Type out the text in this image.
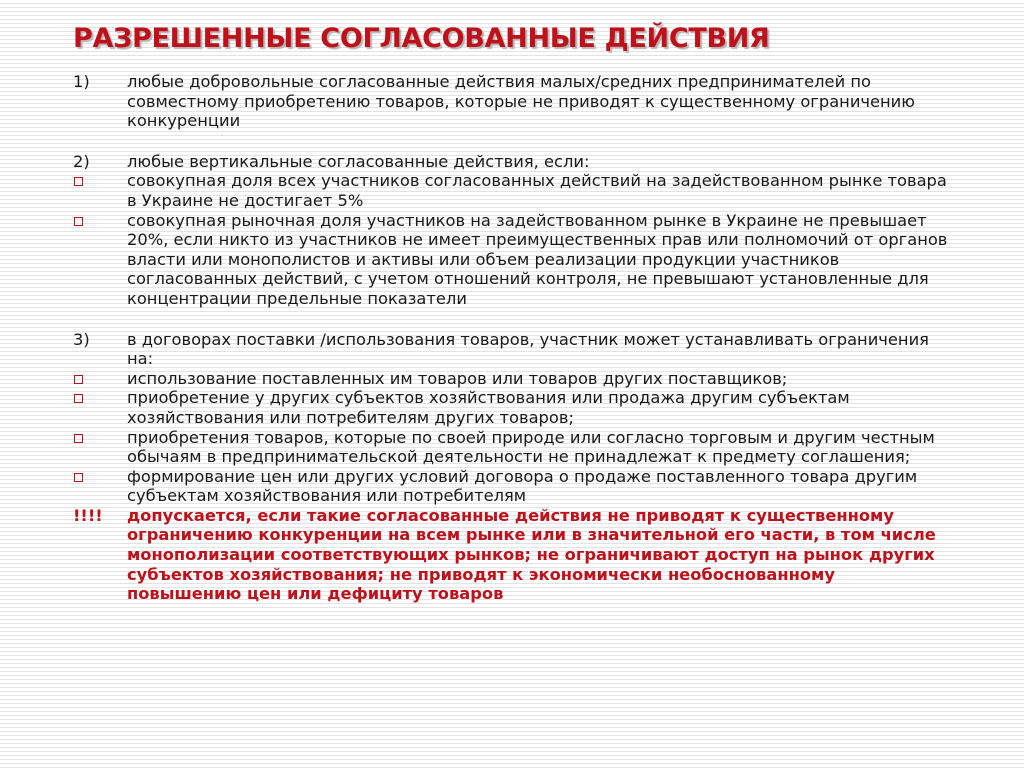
РАЗРЕШЕННЫЕ СОГЛАСОВАННЫЕ ДЕЙСТВИЯ
1)	любые добровольные согласованные действия малых/средних предпринимателей по совместному приобретению товаров, которые не приводят к существенному ограничению конкуренции
2)	любые вертикальные согласованные действия, если:
совокупная доля всех участников согласованных действий на задействованном рынке товара в Украине не достигает 5%
совокупная рыночная доля участников на задействованном рынке в Украине не превышает 20%, если никто из участников не имеет преимущественных прав или полномочий от органов власти или монополистов и активы или объем реализации продукции участников согласованных действий, с учетом отношений контроля, не превышают установленные для концентрации предельные показатели
3)	в договорах поставки /использования товаров, участник может устанавливать ограничения на:
использование поставленных им товаров или товаров других поставщиков;
приобретение у других субъектов хозяйствования или продажа другим субъектам хозяйствования или потребителям других товаров;
приобретения товаров, которые по своей природе или согласно торговым и другим честным обычаям в предпринимательской деятельности не принадлежат к предмету соглашения;
формирование цен или других условий договора о продаже поставленного товара другим субъектам хозяйствования или потребителям
!!!!	допускается, если такие согласованные действия не приводят к существенному ограничению конкуренции на всем рынке или в значительной его части, в том числе монополизации соответствующих рынков; не ограничивают доступ на рынок других субъектов хозяйствования; не приводят к экономически необоснованному повышению цен или дефициту товаров
